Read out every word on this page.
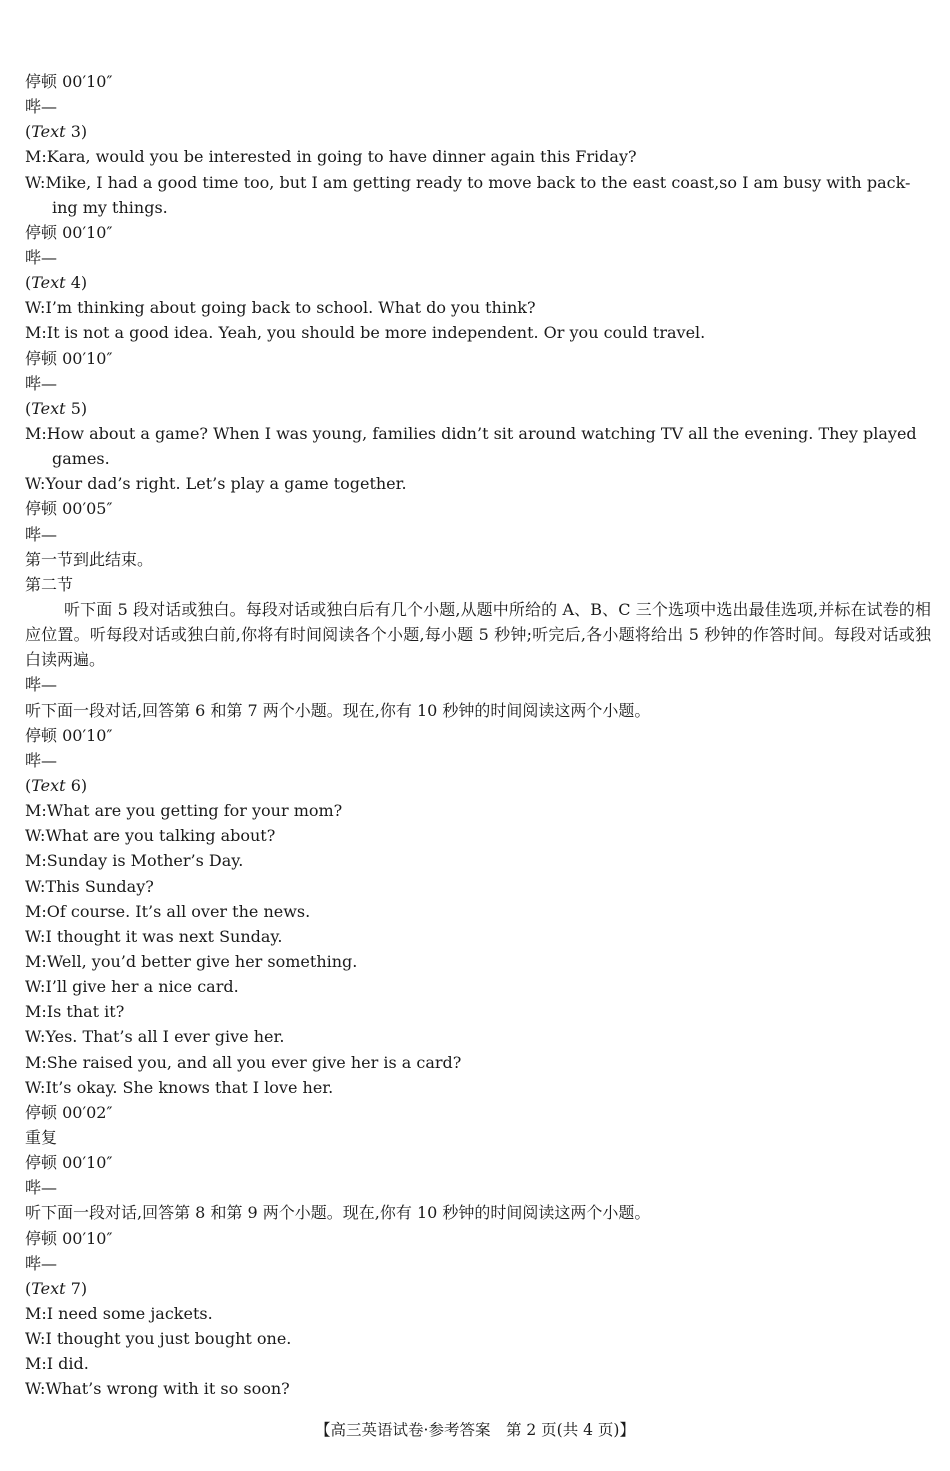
停顿 00′10″
哔—
(Text 3)
M:Kara, would you be interested in going to have dinner again this Friday?
W:Mike, I had a good time too, but I am getting ready to move back to the east coast,so I am busy with pack-
ing my things.
停顿 00′10″
哔—
(Text 4)
W:I’m thinking about going back to school. What do you think?
M:It is not a good idea. Yeah, you should be more independent. Or you could travel.
停顿 00′10″
哔—
(Text 5)
M:How about a game? When I was young, families didn’t sit around watching TV all the evening. They played
games.
W:Your dad’s right. Let’s play a game together.
停顿 00′05″
哔—
第一节到此结束。
第二节
听下面 5 段对话或独白。每段对话或独白后有几个小题,从题中所给的 A、B、C 三个选项中选出最佳选项,并标在试卷的相应位置。听每段对话或独白前,你将有时间阅读各个小题,每小题 5 秒钟;听完后,各小题将给出 5 秒钟的作答时间。每段对话或独白读两遍。
哔—
听下面一段对话,回答第 6 和第 7 两个小题。现在,你有 10 秒钟的时间阅读这两个小题。
停顿 00′10″
哔—
(Text 6)
M:What are you getting for your mom?
W:What are you talking about?
M:Sunday is Mother’s Day.
W:This Sunday?
M:Of course. It’s all over the news.
W:I thought it was next Sunday.
M:Well, you’d better give her something.
W:I’ll give her a nice card.
M:Is that it?
W:Yes. That’s all I ever give her.
M:She raised you, and all you ever give her is a card?
W:It’s okay. She knows that I love her.
停顿 00′02″
重复
停顿 00′10″
哔—
听下面一段对话,回答第 8 和第 9 两个小题。现在,你有 10 秒钟的时间阅读这两个小题。
停顿 00′10″
哔—
(Text 7)
M:I need some jackets.
W:I thought you just bought one.
M:I did.
W:What’s wrong with it so soon?
【高三英语试卷·参考答案　第 2 页(共 4 页)】
